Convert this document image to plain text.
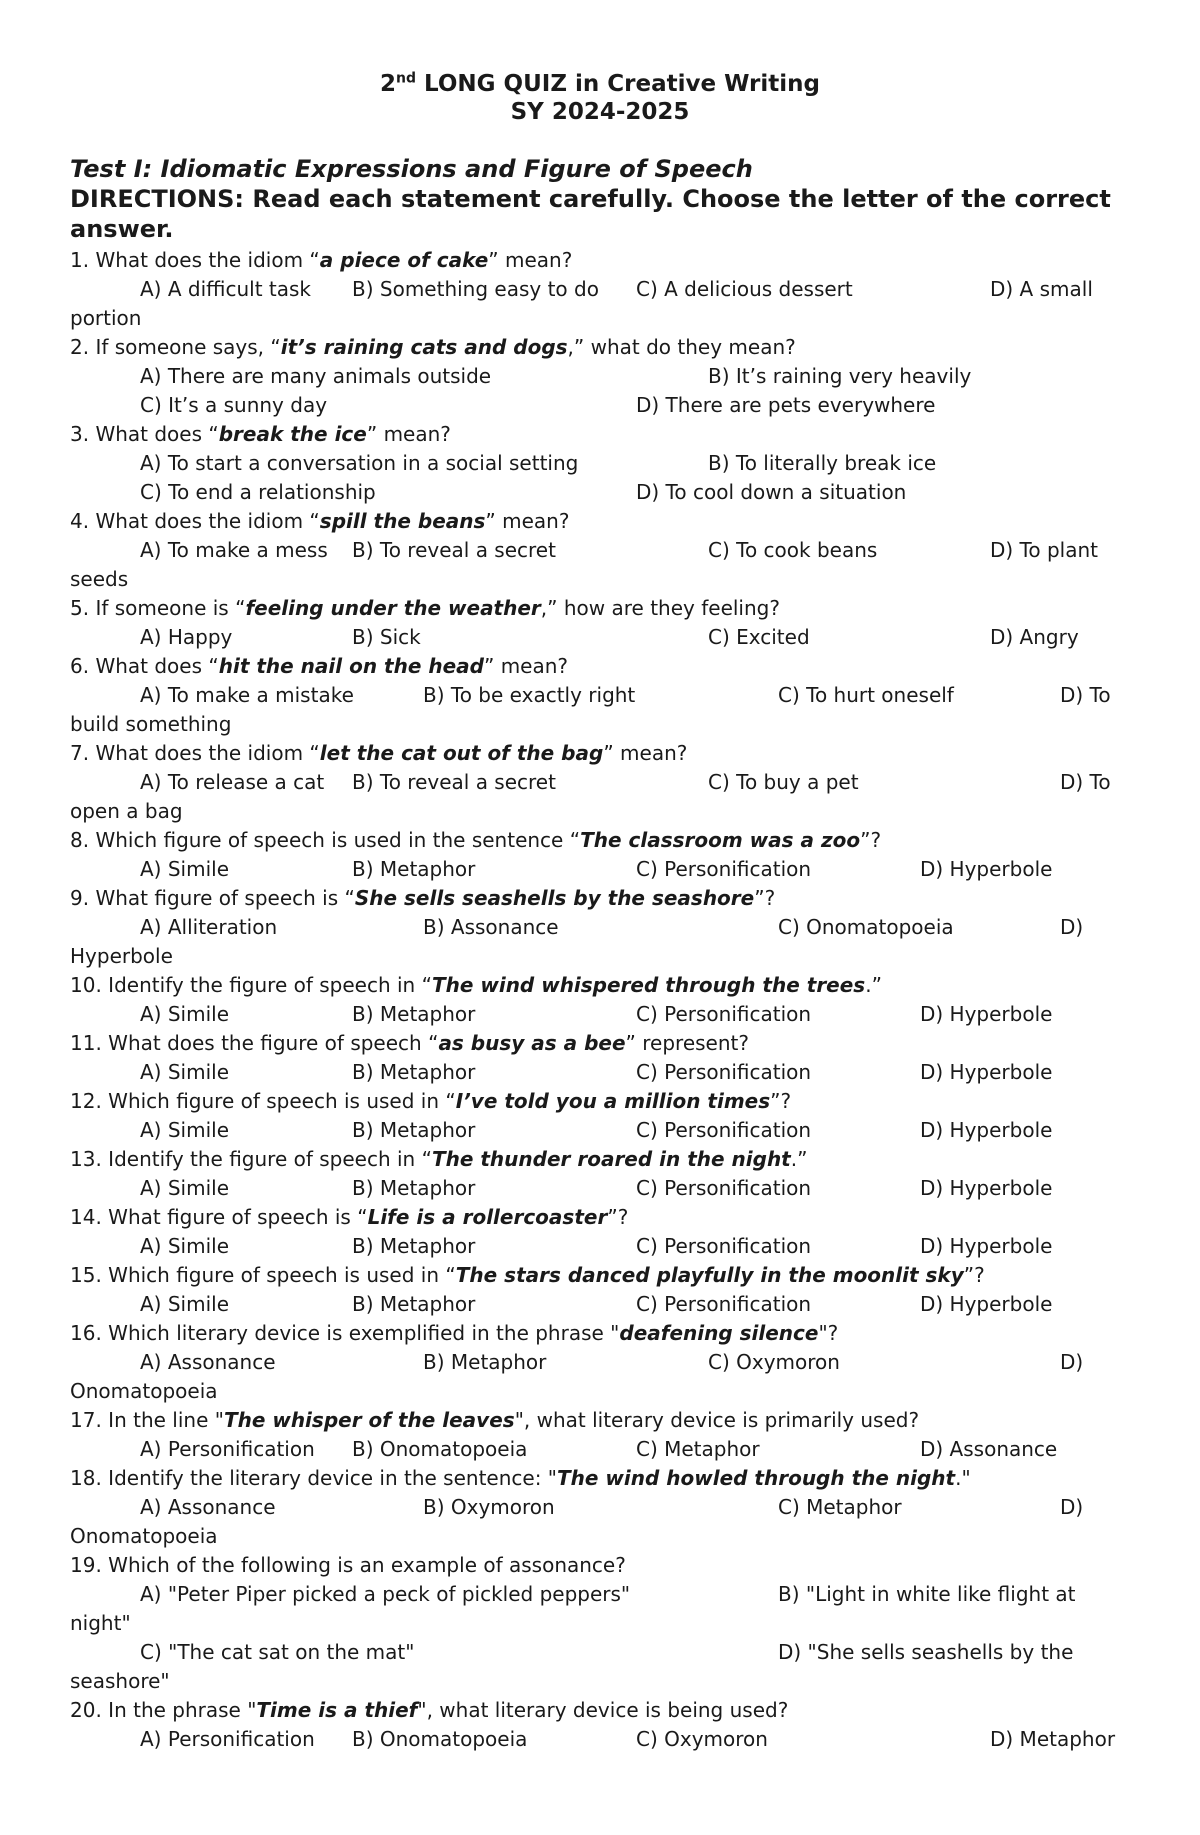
2nd LONG QUIZ in Creative Writing
SY 2024-2025
Test I: Idiomatic Expressions and Figure of Speech
DIRECTIONS: Read each statement carefully. Choose the letter of the correct
answer.
1. What does the idiom “a piece of cake” mean?
A) A difficult task B) Something easy to do C) A delicious dessert	D) A small
portion
2. If someone says, “it’s raining cats and dogs,” what do they mean?
A) There are many animals outside	B) It’s raining very heavily
C) It’s a sunny day	D) There are pets everywhere
3. What does “break the ice” mean?
A) To start a conversation in a social setting	B) To literally break ice
C) To end a relationship	D) To cool down a situation
4. What does the idiom “spill the beans” mean?
A) To make a mess B) To reveal a secret	C) To cook beans	D) To plant
seeds
5. If someone is “feeling under the weather,” how are they feeling?
A) Happy	B) Sick	C) Excited	D) Angry
6. What does “hit the nail on the head” mean?
A) To make a mistake	B) To be exactly right	C) To hurt oneself	D) To
build something
7. What does the idiom “let the cat out of the bag” mean?
A) To release a cat B) To reveal a secret	C) To buy a pet	D) To
open a bag
8. Which figure of speech is used in the sentence “The classroom was a zoo”?
A) Simile	B) Metaphor	C) Personification	D) Hyperbole
9. What figure of speech is “She sells seashells by the seashore”?
A) Alliteration	B) Assonance	C) Onomatopoeia	D)
Hyperbole
10. Identify the figure of speech in “The wind whispered through the trees.”
A) Simile	B) Metaphor	C) Personification	D) Hyperbole
11. What does the figure of speech “as busy as a bee” represent?
A) Simile	B) Metaphor	C) Personification	D) Hyperbole
12. Which figure of speech is used in “I’ve told you a million times”?
A) Simile	B) Metaphor	C) Personification	D) Hyperbole
13. Identify the figure of speech in “The thunder roared in the night.”
A) Simile	B) Metaphor	C) Personification	D) Hyperbole
14. What figure of speech is “Life is a rollercoaster”?
A) Simile	B) Metaphor	C) Personification	D) Hyperbole
15. Which figure of speech is used in “The stars danced playfully in the moonlit sky”?
A) Simile	B) Metaphor	C) Personification	D) Hyperbole
16. Which literary device is exemplified in the phrase "deafening silence"?
A) Assonance	B) Metaphor	C) Oxymoron	D)
Onomatopoeia
17. In the line "The whisper of the leaves", what literary device is primarily used?
A) Personification B) Onomatopoeia	C) Metaphor	D) Assonance
18. Identify the literary device in the sentence: "The wind howled through the night."
A) Assonance	B) Oxymoron	C) Metaphor	D)
Onomatopoeia
19. Which of the following is an example of assonance?
A) "Peter Piper picked a peck of pickled peppers"	B) "Light in white like flight at
night"
C) "The cat sat on the mat"	D) "She sells seashells by the
seashore"
20. In the phrase "Time is a thief", what literary device is being used?
A) Personification B) Onomatopoeia	C) Oxymoron	D) Metaphor
